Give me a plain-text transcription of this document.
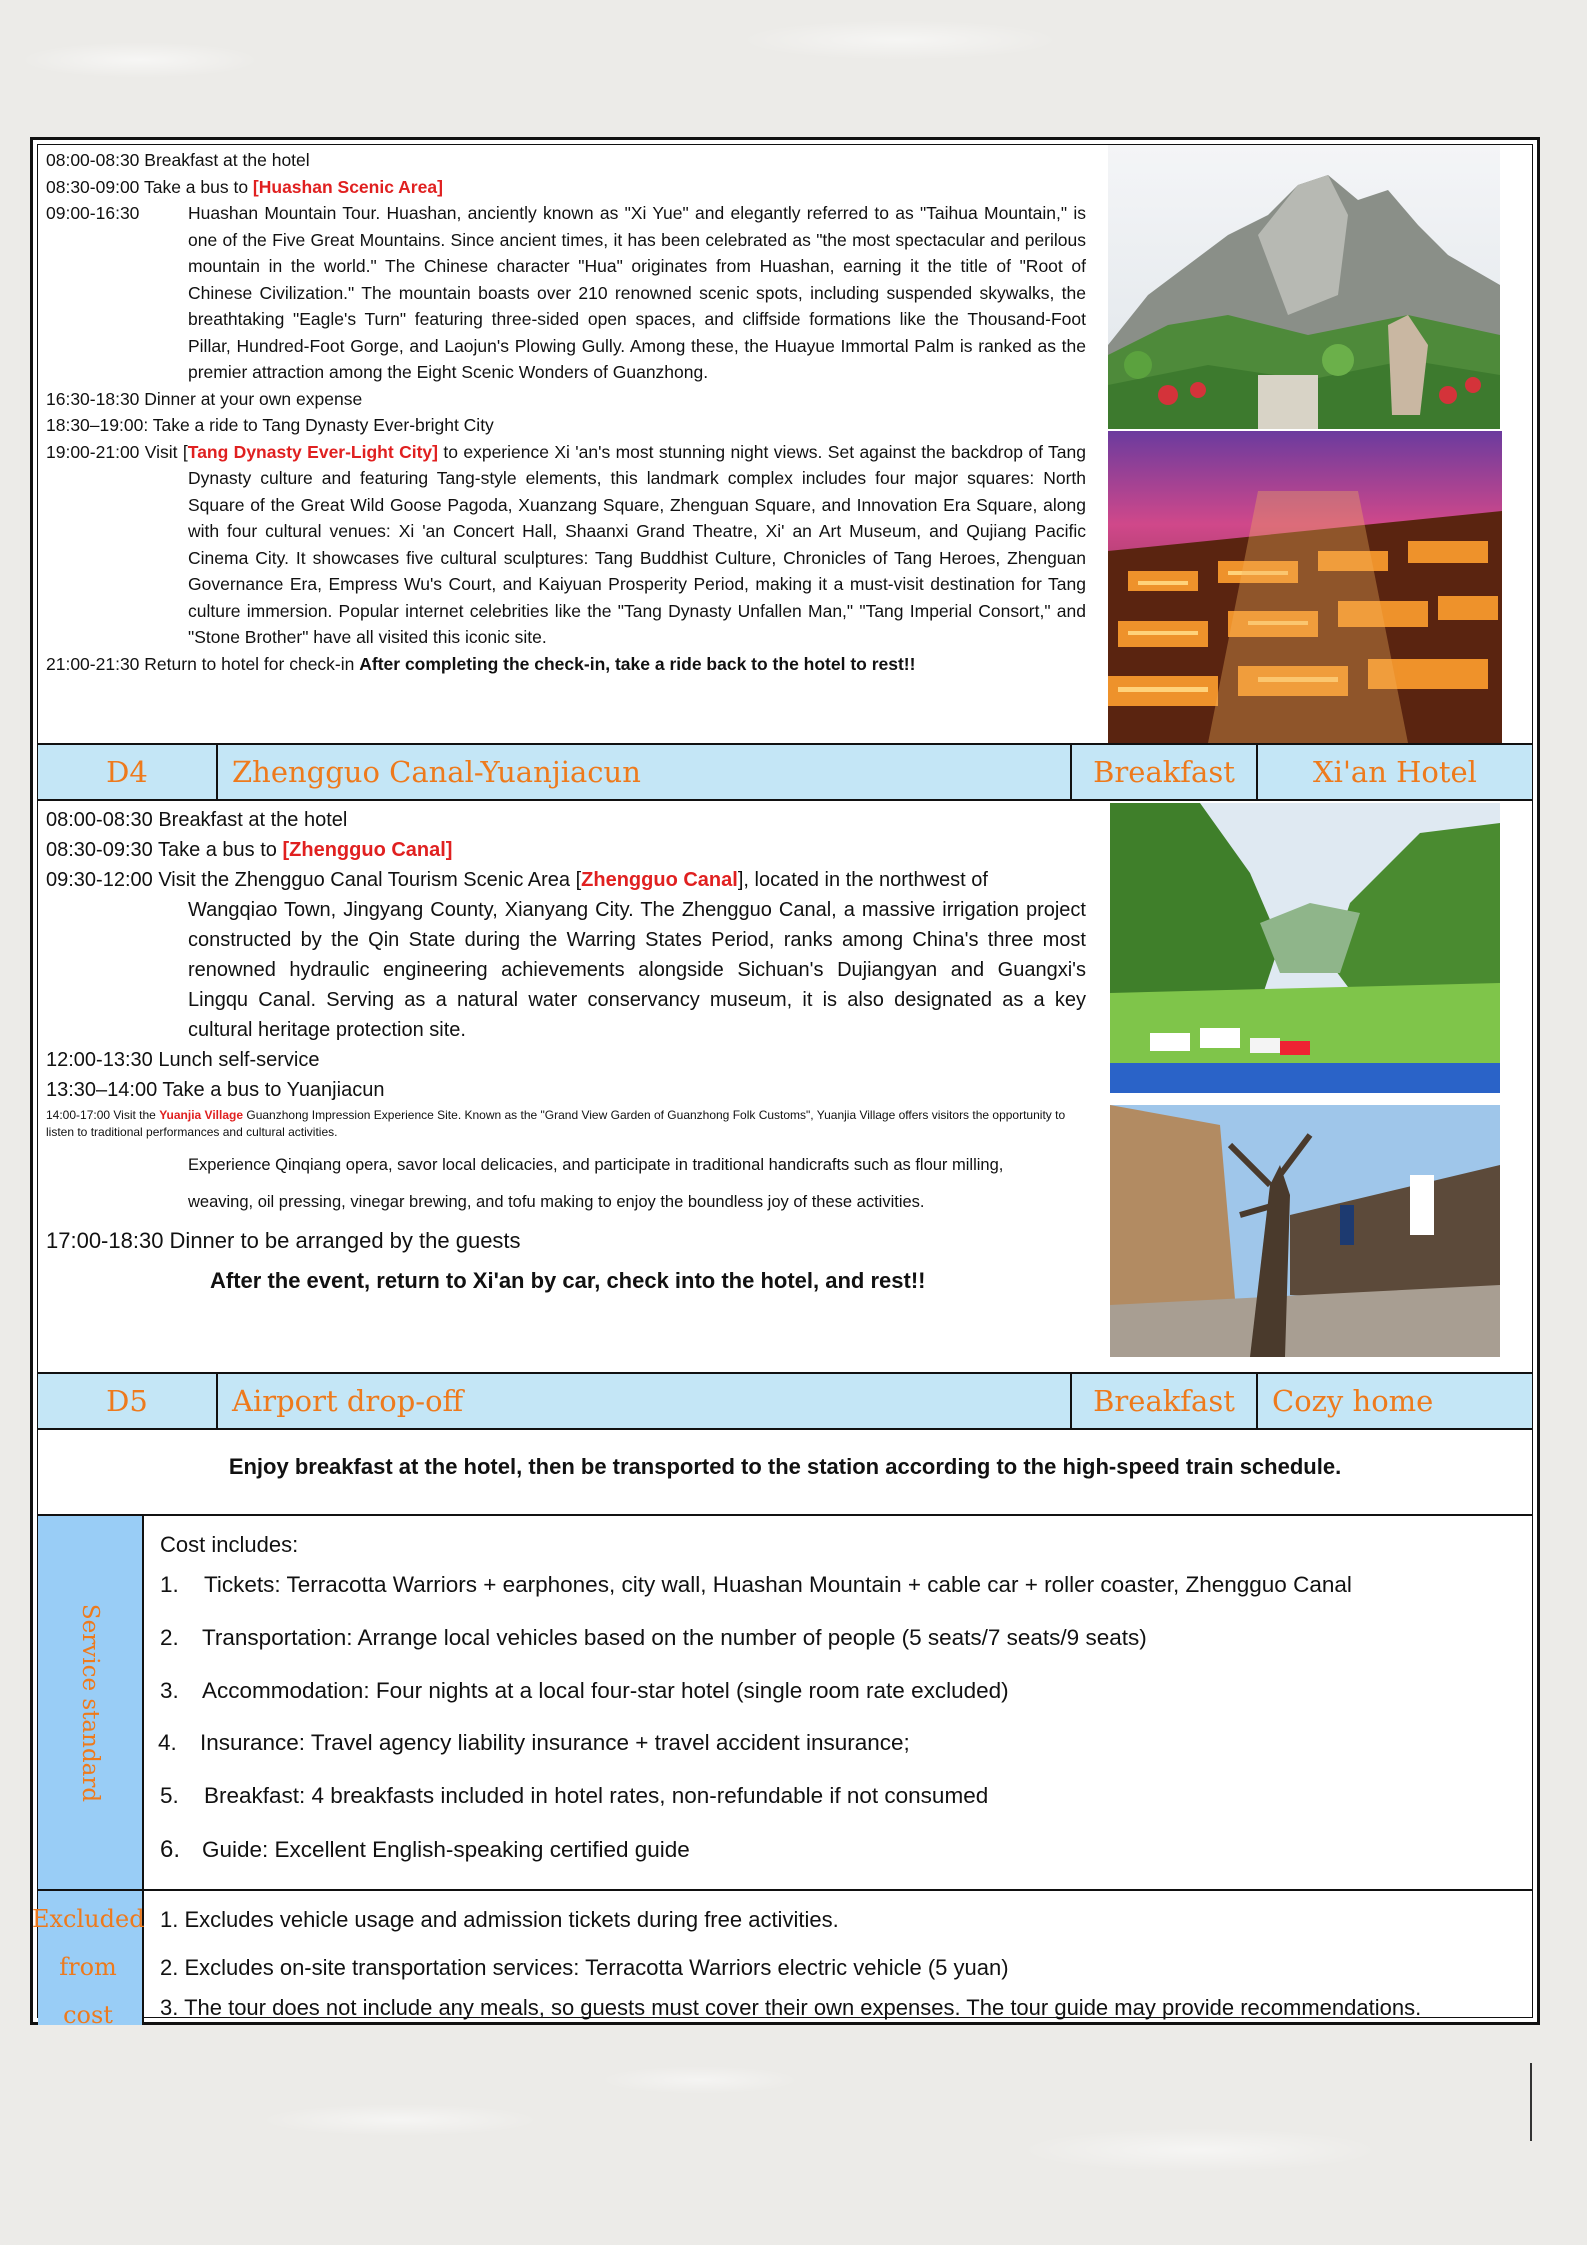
08:00-08:30 Breakfast at the hotel
08:30-09:00 Take a bus to [Huashan Scenic Area]
09:00-16:30	Huashan Mountain Tour. Huashan, anciently known as "Xi Yue" and elegantly referred to as "Taihua Mountain," is one of the Five Great Mountains. Since ancient times, it has been celebrated as "the most spectacular and perilous mountain in the world." The Chinese character "Hua" originates from Huashan, earning it the title of "Root of Chinese Civilization." The mountain boasts over 210 renowned scenic spots, including suspended skywalks, the breathtaking "Eagle's Turn" featuring three-sided open spaces, and cliffside formations like the Thousand-Foot Pillar, Hundred-Foot Gorge, and Laojun's Plowing Gully. Among these, the Huayue Immortal Palm is ranked as the premier attraction among the Eight Scenic Wonders of Guanzhong.
16:30-18:30 Dinner at your own expense
18:30–19:00: Take a ride to Tang Dynasty Ever-bright City
19:00-21:00 Visit [Tang Dynasty Ever-Light City] to experience Xi 'an's most stunning night views. Set against the backdrop of Tang Dynasty culture and featuring Tang-style elements, this landmark complex includes four major squares: North Square of the Great Wild Goose Pagoda, Xuanzang Square, Zhenguan Square, and Innovation Era Square, along with four cultural venues: Xi 'an Concert Hall, Shaanxi Grand Theatre, Xi' an Art Museum, and Qujiang Pacific Cinema City. It showcases five cultural sculptures: Tang Buddhist Culture, Chronicles of Tang Heroes, Zhenguan Governance Era, Empress Wu's Court, and Kaiyuan Prosperity Period, making it a must-visit destination for Tang culture immersion. Popular internet celebrities like the "Tang Dynasty Unfallen Man," "Tang Imperial Consort," and "Stone Brother" have all visited this iconic site.
21:00-21:30 Return to hotel for check-in After completing the check-in, take a ride back to the hotel to rest!!
D4	Zhengguo Canal-Yuanjiacun	Breakfast	Xi'an Hotel
08:00-08:30 Breakfast at the hotel
08:30-09:30 Take a bus to [Zhengguo Canal]
09:30-12:00 Visit the Zhengguo Canal Tourism Scenic Area [Zhengguo Canal], located in the northwest of
Wangqiao Town, Jingyang County, Xianyang City. The Zhengguo Canal, a massive irrigation project constructed by the Qin State during the Warring States Period, ranks among China's three most renowned hydraulic engineering achievements alongside Sichuan's Dujiangyan and Guangxi's Lingqu Canal. Serving as a natural water conservancy museum, it is also designated as a key cultural heritage protection site.
12:00-13:30 Lunch self-service
13:30–14:00 Take a bus to Yuanjiacun
14:00-17:00 Visit the Yuanjia Village Guanzhong Impression Experience Site. Known as the "Grand View Garden of Guanzhong Folk Customs", Yuanjia Village offers visitors the opportunity to listen to traditional performances and cultural activities.
Experience Qinqiang opera, savor local delicacies, and participate in traditional handicrafts such as flour milling,
weaving, oil pressing, vinegar brewing, and tofu making to enjoy the boundless joy of these activities.
17:00-18:30 Dinner to be arranged by the guests
After the event, return to Xi'an by car, check into the hotel, and rest!!
D5	Airport drop-off	Breakfast	Cozy home
Enjoy breakfast at the hotel, then be transported to the station according to the high-speed train schedule.
Service standard
Cost includes:
1. Tickets: Terracotta Warriors + earphones, city wall, Huashan Mountain + cable car + roller coaster, Zhengguo Canal
2. Transportation: Arrange local vehicles based on the number of people (5 seats/7 seats/9 seats)
3. Accommodation: Four nights at a local four-star hotel (single room rate excluded)
4. Insurance: Travel agency liability insurance + travel accident insurance;
5. Breakfast: 4 breakfasts included in hotel rates, non-refundable if not consumed
6. Guide: Excellent English-speaking certified guide
Excluded
from cost
1. Excludes vehicle usage and admission tickets during free activities.
2. Excludes on-site transportation services: Terracotta Warriors electric vehicle (5 yuan)
3. The tour does not include any meals, so guests must cover their own expenses. The tour guide may provide recommendations.
